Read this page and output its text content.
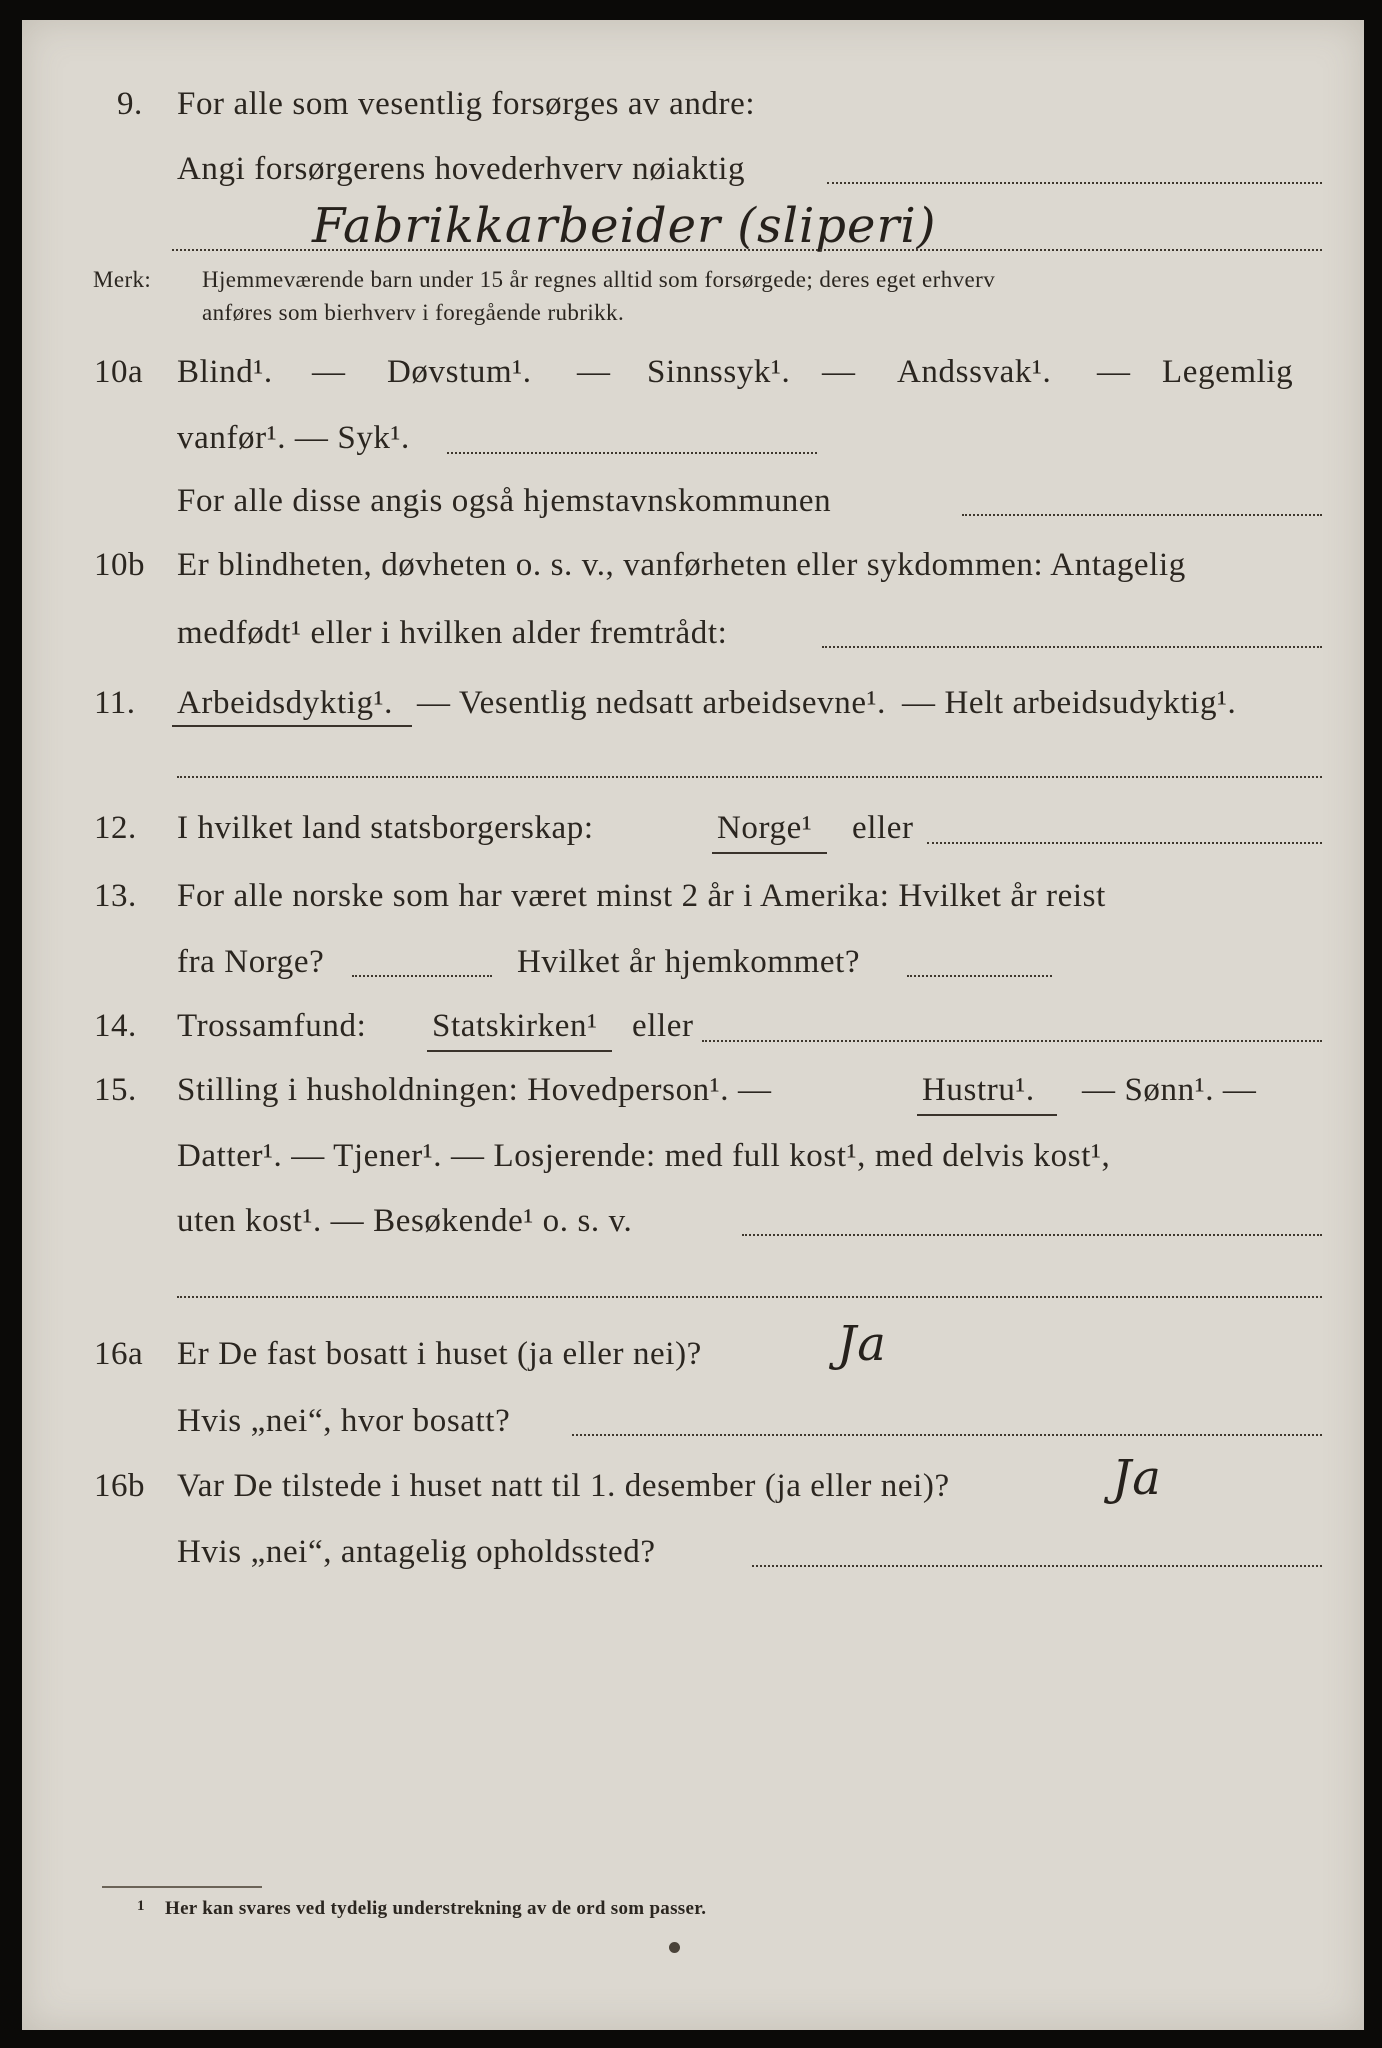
9. For alle som vesentlig forsørges av andre:
Angi forsørgerens hovederhverv nøiaktig
Fabrikkarbeider (sliperi)
Merk: Hjemmeværende barn under 15 år regnes alltid som forsørgede; deres eget erhverv
anføres som bierhverv i foregående rubrikk.
10a Blind¹. — Døvstum¹. — Sinnssyk¹. — Andssvak¹. — Legemlig
vanfør¹. — Syk¹.
For alle disse angis også hjemstavnskommunen
10b Er blindheten, døvheten o. s. v., vanførheten eller sykdommen: Antagelig
medfødt¹ eller i hvilken alder fremtrådt:
11. Arbeidsdyktig¹. — Vesentlig nedsatt arbeidsevne¹. — Helt arbeidsudyktig¹.
12. I hvilket land statsborgerskap:	Norge¹ eller
13. For alle norske som har været minst 2 år i Amerika: Hvilket år reist
fra Norge?	Hvilket år hjemkommet?
14. Trossamfund: Statskirken¹ eller
15. Stilling i husholdningen: Hovedperson¹. —	Hustru¹. — Sønn¹. —
Datter¹. — Tjener¹. — Losjerende: med full kost¹, med delvis kost¹,
uten kost¹. — Besøkende¹ o. s. v.
16a Er De fast bosatt i huset (ja eller nei)?	Ja
Hvis „nei“, hvor bosatt?
16b Var De tilstede i huset natt til 1. desember (ja eller nei)?	Ja
Hvis „nei“, antagelig opholdssted?
1 Her kan svares ved tydelig understrekning av de ord som passer.
